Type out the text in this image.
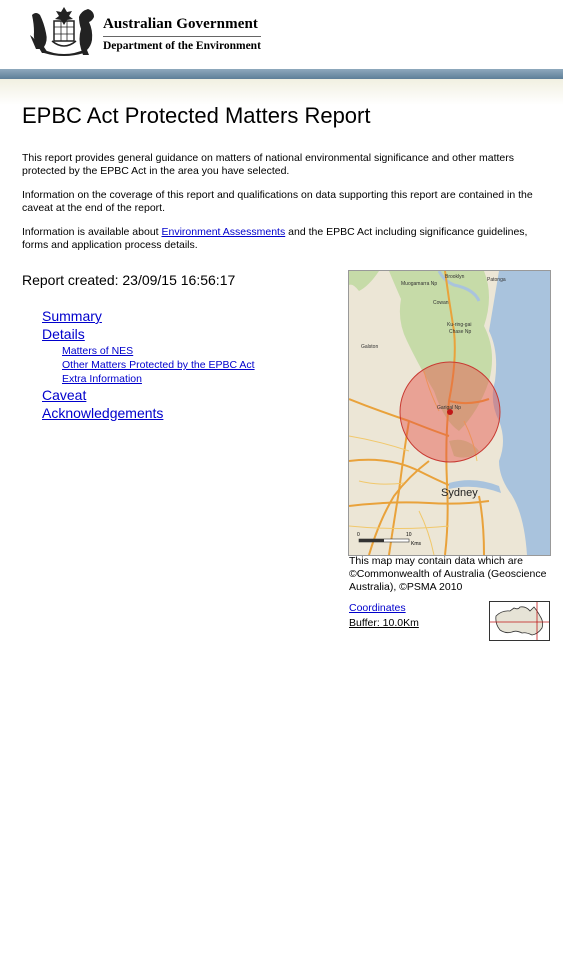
Australian Government
Department of the Environment
EPBC Act Protected Matters Report

This report provides general guidance on matters of national environmental significance and other matters protected by the EPBC Act in the area you have selected.

Information on the coverage of this report and qualifications on data supporting this report are contained in the caveat at the end of the report.

Information is available about Environment Assessments and the EPBC Act including significance guidelines, forms and application process details.

Report created: 23/09/15 16:56:17
Summary
Details
Matters of NES
Other Matters Protected by the EPBC Act
Extra Information
Caveat
Acknowledgements
Brooklyn	Patonga
Muogamarra Np
Cowan
Ku-ring-gai
Chase Np
Galston
Garigal Np
Sydney
0	10
Kms
This map may contain data which are ©Commonwealth of Australia (Geoscience Australia), ©PSMA 2010
Coordinates
Buffer: 10.0Km
